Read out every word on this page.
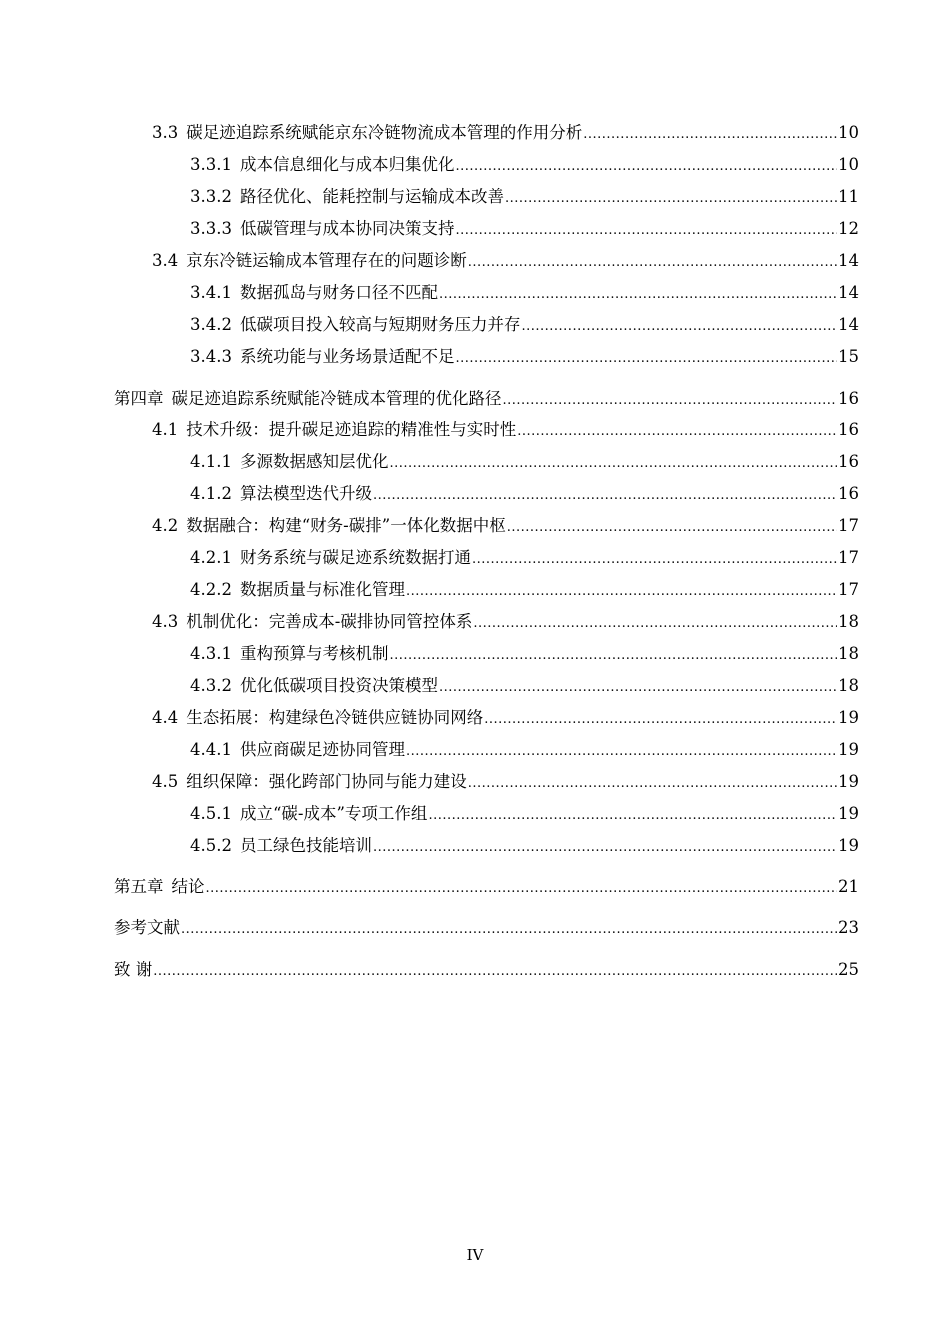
3.3 碳足迹追踪系统赋能京东冷链物流成本管理的作用分析 .....	10
3.3.1 成本信息细化与成本归集优化 .....	10
3.3.2 路径优化、能耗控制与运输成本改善 .....	11
3.3.3 低碳管理与成本协同决策支持 .....	12
3.4 京东冷链运输成本管理存在的问题诊断 .....	14
3.4.1 数据孤岛与财务口径不匹配 .....	14
3.4.2 低碳项目投入较高与短期财务压力并存 .....	14
3.4.3 系统功能与业务场景适配不足 .....	15
第四章 碳足迹追踪系统赋能冷链成本管理的优化路径 .....	16
4.1 技术升级：提升碳足迹追踪的精准性与实时性 .....	16
4.1.1 多源数据感知层优化 .....	16
4.1.2 算法模型迭代升级 .....	16
4.2 数据融合：构建“财务-碳排”一体化数据中枢 .....	17
4.2.1 财务系统与碳足迹系统数据打通 .....	17
4.2.2 数据质量与标准化管理 .....	17
4.3 机制优化：完善成本-碳排协同管控体系 .....	18
4.3.1 重构预算与考核机制 .....	18
4.3.2 优化低碳项目投资决策模型 .....	18
4.4 生态拓展：构建绿色冷链供应链协同网络 .....	19
4.4.1 供应商碳足迹协同管理 .....	19
4.5 组织保障：强化跨部门协同与能力建设 .....	19
4.5.1 成立“碳-成本”专项工作组 .....	19
4.5.2 员工绿色技能培训 .....	19
第五章 结论 .....	21
参考文献 .....	23
致 谢 .....	25
IV
